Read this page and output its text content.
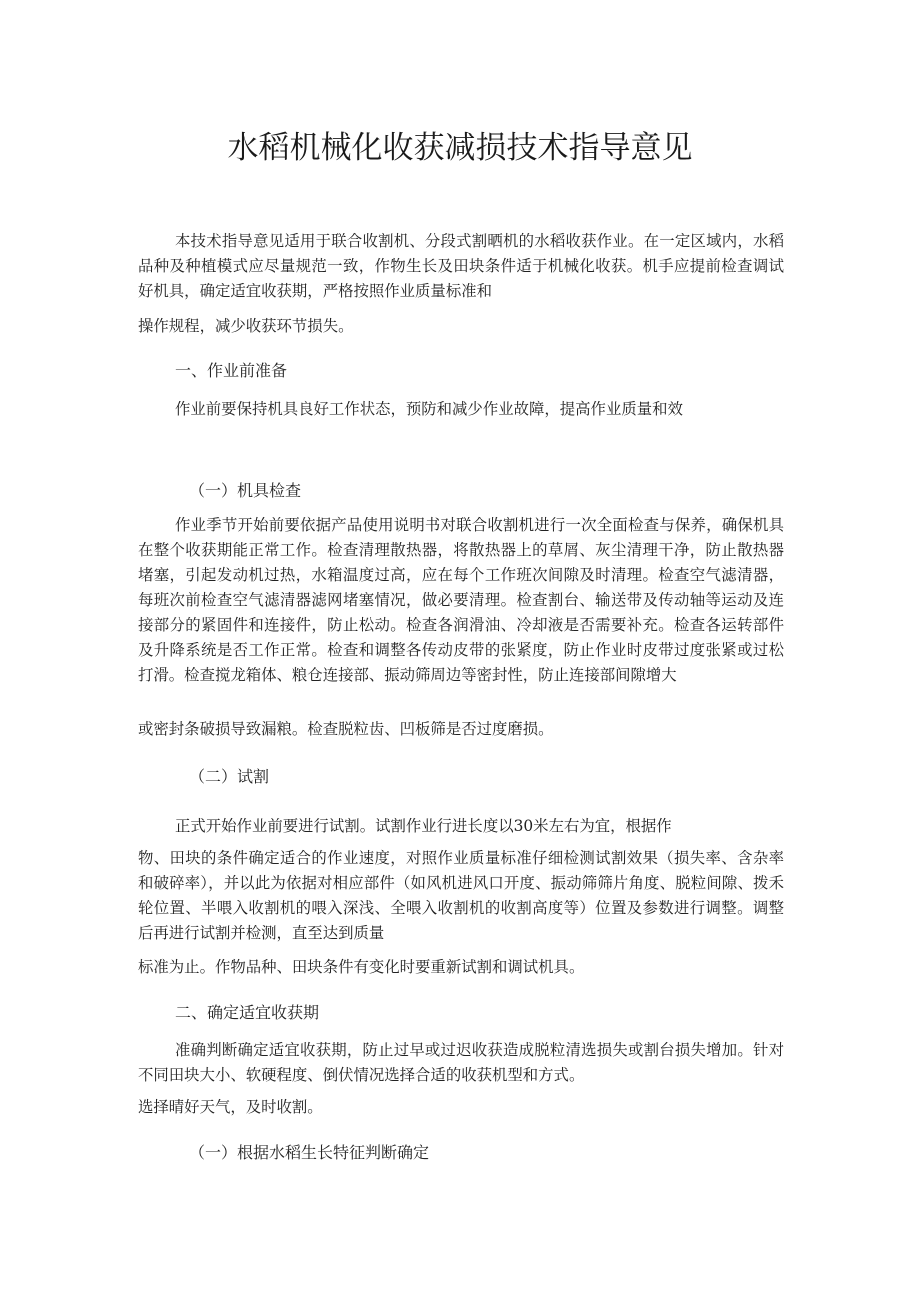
水稻机械化收获减损技术指导意见

本技术指导意见适用于联合收割机、分段式割晒机的水稻收获作业。在一定区域内，水稻品种及种植模式应尽量规范一致，作物生长及田块条件适于机械化收获。机手应提前检查调试好机具，确定适宜收获期，严格按照作业质量标准和

操作规程，减少收获环节损失。

一、作业前准备

作业前要保持机具良好工作状态，预防和减少作业故障，提高作业质量和效

（一）机具检查

作业季节开始前要依据产品使用说明书对联合收割机进行一次全面检查与保养，确保机具在整个收获期能正常工作。检查清理散热器，将散热器上的草屑、灰尘清理干净，防止散热器堵塞，引起发动机过热，水箱温度过高，应在每个工作班次间隙及时清理。检查空气滤清器，每班次前检查空气滤清器滤网堵塞情况，做必要清理。检查割台、输送带及传动轴等运动及连接部分的紧固件和连接件，防止松动。检查各润滑油、冷却液是否需要补充。检查各运转部件及升降系统是否工作正常。检查和调整各传动皮带的张紧度，防止作业时皮带过度张紧或过松打滑。检查搅龙箱体、粮仓连接部、振动筛周边等密封性，防止连接部间隙增大

或密封条破损导致漏粮。检查脱粒齿、凹板筛是否过度磨损。

（二）试割

正式开始作业前要进行试割。试割作业行进长度以30米左右为宜，根据作

物、田块的条件确定适合的作业速度，对照作业质量标准仔细检测试割效果（损失率、含杂率和破碎率），并以此为依据对相应部件（如风机进风口开度、振动筛筛片角度、脱粒间隙、拨禾轮位置、半喂入收割机的喂入深浅、全喂入收割机的收割高度等）位置及参数进行调整。调整后再进行试割并检测，直至达到质量

标准为止。作物品种、田块条件有变化时要重新试割和调试机具。

二、确定适宜收获期

准确判断确定适宜收获期，防止过早或过迟收获造成脱粒清选损失或割台损失增加。针对不同田块大小、软硬程度、倒伏情况选择合适的收获机型和方式。

选择晴好天气，及时收割。

（一）根据水稻生长特征判断确定
